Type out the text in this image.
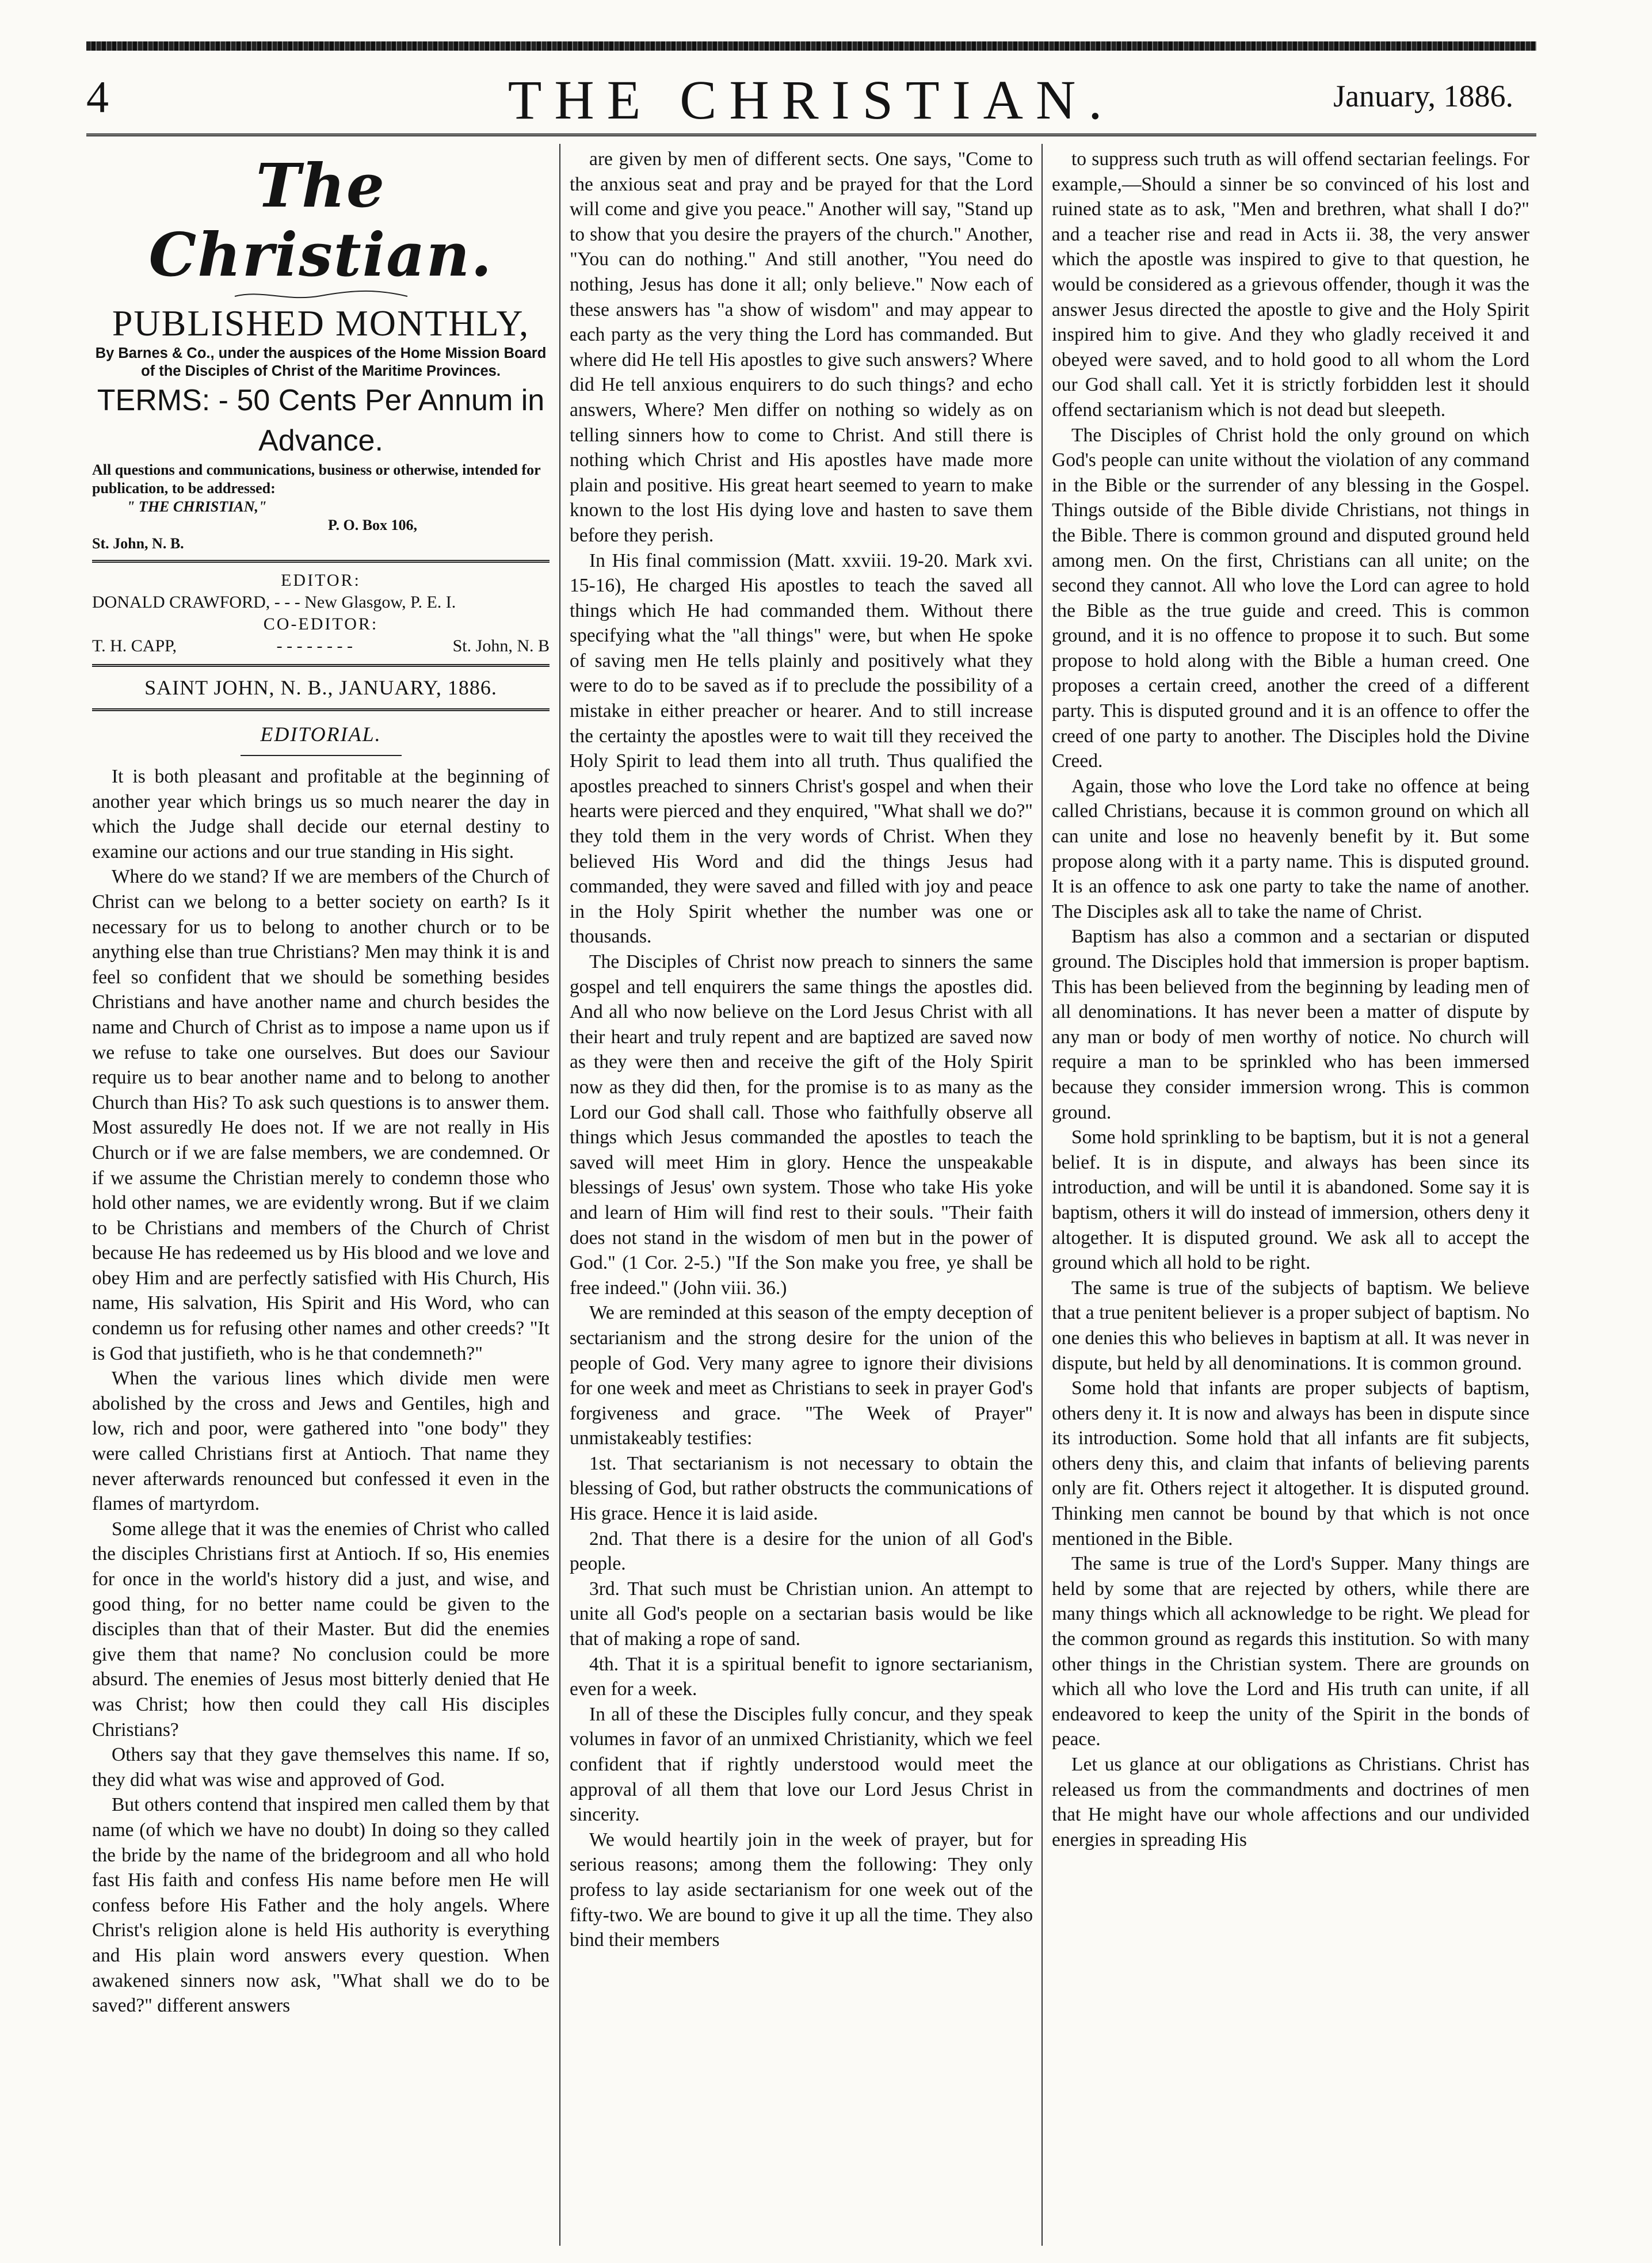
4	THE CHRISTIAN.	January, 1886.
The Christian.
PUBLISHED MONTHLY,
By Barnes & Co., under the auspices of the Home Mission Board of the Disciples of Christ of the Maritime Provinces.
TERMS: - 50 Cents Per Annum in Advance.
All questions and communications, business or otherwise, intended for publication, to be addressed:
" THE CHRISTIAN,"
P. O. Box 106,
St. John, N. B.
EDITOR:
DONALD CRAWFORD, - - - New Glasgow, P. E. I.
CO-EDITOR:
T. H. CAPP,	- - - - - - - -	St. John, N. B
SAINT JOHN, N. B., JANUARY, 1886.
EDITORIAL.

It is both pleasant and profitable at the beginning of another year which brings us so much nearer the day in which the Judge shall decide our eternal destiny to examine our actions and our true standing in His sight.

Where do we stand? If we are members of the Church of Christ can we belong to a better society on earth? Is it necessary for us to belong to another church or to be anything else than true Christians? Men may think it is and feel so confident that we should be something besides Christians and have another name and church besides the name and Church of Christ as to impose a name upon us if we refuse to take one ourselves. But does our Saviour require us to bear another name and to belong to another Church than His? To ask such questions is to answer them. Most assuredly He does not. If we are not really in His Church or if we are false members, we are condemned. Or if we assume the Christian merely to condemn those who hold other names, we are evidently wrong. But if we claim to be Christians and members of the Church of Christ because He has redeemed us by His blood and we love and obey Him and are perfectly satisfied with His Church, His name, His salvation, His Spirit and His Word, who can condemn us for refusing other names and other creeds? "It is God that justifieth, who is he that condemneth?"

When the various lines which divide men were abolished by the cross and Jews and Gentiles, high and low, rich and poor, were gathered into "one body" they were called Christians first at Antioch. That name they never afterwards renounced but confessed it even in the flames of martyrdom.

Some allege that it was the enemies of Christ who called the disciples Christians first at Antioch. If so, His enemies for once in the world's history did a just, and wise, and good thing, for no better name could be given to the disciples than that of their Master. But did the enemies give them that name? No conclusion could be more absurd. The enemies of Jesus most bitterly denied that He was Christ; how then could they call His disciples Christians?

Others say that they gave themselves this name. If so, they did what was wise and approved of God.

But others contend that inspired men called them by that name (of which we have no doubt) In doing so they called the bride by the name of the bridegroom and all who hold fast His faith and confess His name before men He will confess before His Father and the holy angels. Where Christ's religion alone is held His authority is everything and His plain word answers every question. When awakened sinners now ask, "What shall we do to be saved?" different answers

are given by men of different sects. One says, "Come to the anxious seat and pray and be prayed for that the Lord will come and give you peace." Another will say, "Stand up to show that you desire the prayers of the church." Another, "You can do nothing." And still another, "You need do nothing, Jesus has done it all; only believe." Now each of these answers has "a show of wisdom" and may appear to each party as the very thing the Lord has commanded. But where did He tell His apostles to give such answers? Where did He tell anxious enquirers to do such things? and echo answers, Where? Men differ on nothing so widely as on telling sinners how to come to Christ. And still there is nothing which Christ and His apostles have made more plain and positive. His great heart seemed to yearn to make known to the lost His dying love and hasten to save them before they perish.

In His final commission (Matt. xxviii. 19-20. Mark xvi. 15-16), He charged His apostles to teach the saved all things which He had commanded them. Without there specifying what the "all things" were, but when He spoke of saving men He tells plainly and positively what they were to do to be saved as if to preclude the possibility of a mistake in either preacher or hearer. And to still increase the certainty the apostles were to wait till they received the Holy Spirit to lead them into all truth. Thus qualified the apostles preached to sinners Christ's gospel and when their hearts were pierced and they enquired, "What shall we do?" they told them in the very words of Christ. When they believed His Word and did the things Jesus had commanded, they were saved and filled with joy and peace in the Holy Spirit whether the number was one or thousands.

The Disciples of Christ now preach to sinners the same gospel and tell enquirers the same things the apostles did. And all who now believe on the Lord Jesus Christ with all their heart and truly repent and are baptized are saved now as they were then and receive the gift of the Holy Spirit now as they did then, for the promise is to as many as the Lord our God shall call. Those who faithfully observe all things which Jesus commanded the apostles to teach the saved will meet Him in glory. Hence the unspeakable blessings of Jesus' own system. Those who take His yoke and learn of Him will find rest to their souls. "Their faith does not stand in the wisdom of men but in the power of God." (1 Cor. 2-5.) "If the Son make you free, ye shall be free indeed." (John viii. 36.)

We are reminded at this season of the empty deception of sectarianism and the strong desire for the union of the people of God. Very many agree to ignore their divisions for one week and meet as Christians to seek in prayer God's forgiveness and grace. "The Week of Prayer" unmistakeably testifies:

1st. That sectarianism is not necessary to obtain the blessing of God, but rather obstructs the communications of His grace. Hence it is laid aside.

2nd. That there is a desire for the union of all God's people.

3rd. That such must be Christian union. An attempt to unite all God's people on a sectarian basis would be like that of making a rope of sand.

4th. That it is a spiritual benefit to ignore sectarianism, even for a week.

In all of these the Disciples fully concur, and they speak volumes in favor of an unmixed Christianity, which we feel confident that if rightly understood would meet the approval of all them that love our Lord Jesus Christ in sincerity.

We would heartily join in the week of prayer, but for serious reasons; among them the following: They only profess to lay aside sectarianism for one week out of the fifty-two. We are bound to give it up all the time. They also bind their members

to suppress such truth as will offend sectarian feelings. For example,—Should a sinner be so convinced of his lost and ruined state as to ask, "Men and brethren, what shall I do?" and a teacher rise and read in Acts ii. 38, the very answer which the apostle was inspired to give to that question, he would be considered as a grievous offender, though it was the answer Jesus directed the apostle to give and the Holy Spirit inspired him to give. And they who gladly received it and obeyed were saved, and to hold good to all whom the Lord our God shall call. Yet it is strictly forbidden lest it should offend sectarianism which is not dead but sleepeth.

The Disciples of Christ hold the only ground on which God's people can unite without the violation of any command in the Bible or the surrender of any blessing in the Gospel. Things outside of the Bible divide Christians, not things in the Bible. There is common ground and disputed ground held among men. On the first, Christians can all unite; on the second they cannot. All who love the Lord can agree to hold the Bible as the true guide and creed. This is common ground, and it is no offence to propose it to such. But some propose to hold along with the Bible a human creed. One proposes a certain creed, another the creed of a different party. This is disputed ground and it is an offence to offer the creed of one party to another. The Disciples hold the Divine Creed.

Again, those who love the Lord take no offence at being called Christians, because it is common ground on which all can unite and lose no heavenly benefit by it. But some propose along with it a party name. This is disputed ground. It is an offence to ask one party to take the name of another. The Disciples ask all to take the name of Christ.

Baptism has also a common and a sectarian or disputed ground. The Disciples hold that immersion is proper baptism. This has been believed from the beginning by leading men of all denominations. It has never been a matter of dispute by any man or body of men worthy of notice. No church will require a man to be sprinkled who has been immersed because they consider immersion wrong. This is common ground.

Some hold sprinkling to be baptism, but it is not a general belief. It is in dispute, and always has been since its introduction, and will be until it is abandoned. Some say it is baptism, others it will do instead of immersion, others deny it altogether. It is disputed ground. We ask all to accept the ground which all hold to be right.

The same is true of the subjects of baptism. We believe that a true penitent believer is a proper subject of baptism. No one denies this who believes in baptism at all. It was never in dispute, but held by all denominations. It is common ground.

Some hold that infants are proper subjects of baptism, others deny it. It is now and always has been in dispute since its introduction. Some hold that all infants are fit subjects, others deny this, and claim that infants of believing parents only are fit. Others reject it altogether. It is disputed ground. Thinking men cannot be bound by that which is not once mentioned in the Bible.

The same is true of the Lord's Supper. Many things are held by some that are rejected by others, while there are many things which all acknowledge to be right. We plead for the common ground as regards this institution. So with many other things in the Christian system. There are grounds on which all who love the Lord and His truth can unite, if all endeavored to keep the unity of the Spirit in the bonds of peace.

Let us glance at our obligations as Christians. Christ has released us from the commandments and doctrines of men that He might have our whole affections and our undivided energies in spreading His
